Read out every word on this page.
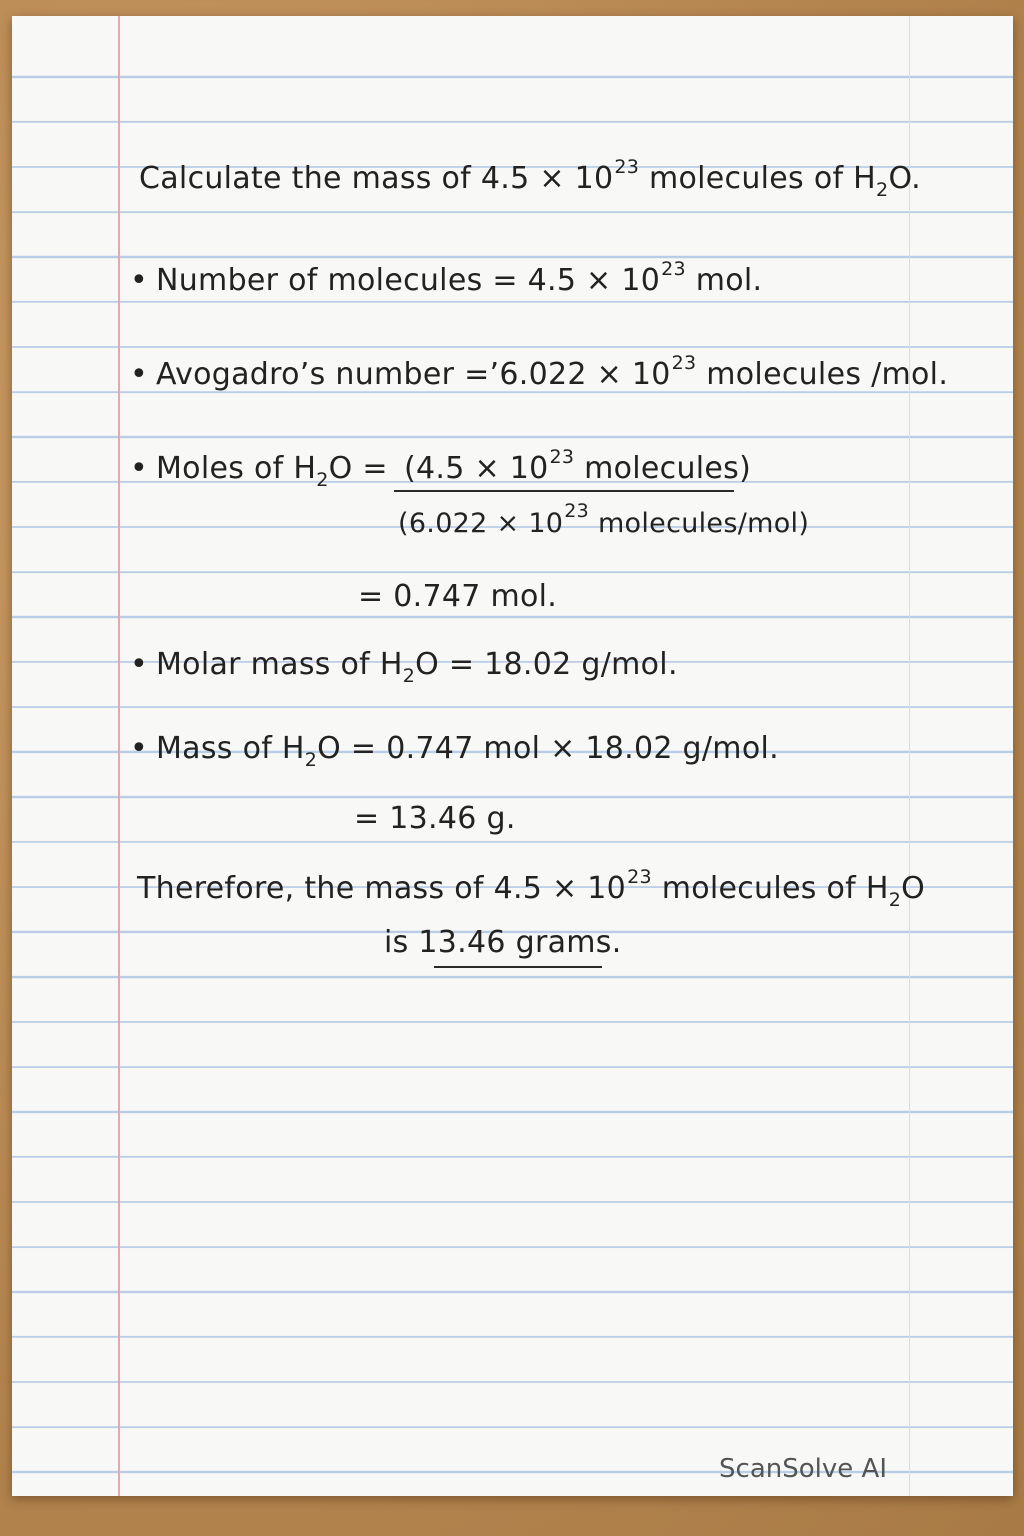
Calculate the mass of $4.5 \times 10^{23}$ molecules of $H_2O$.
• Number of molecules = $4.5 \times 10^{23}$ mol.
• Avogadro’s number =’6.022 × $10^{23}$ molecules /mol.
• Moles of $H_2O = (4.5 \times 10^{23}$ molecules)
($6.022 \times 10^{23}$ molecules/mol)
= 0.747 mol.
• Molar mass of $H_2O = 18.02$ g/mol.
• Mass of $H_2O = 0.747$ mol × 18.02 g/mol.
= 13.46 g.
Therefore, the mass of $4.5 \times 10^{23}$ molecules of $H_2O$
is 13.46 grams.
ScanSolve AI
